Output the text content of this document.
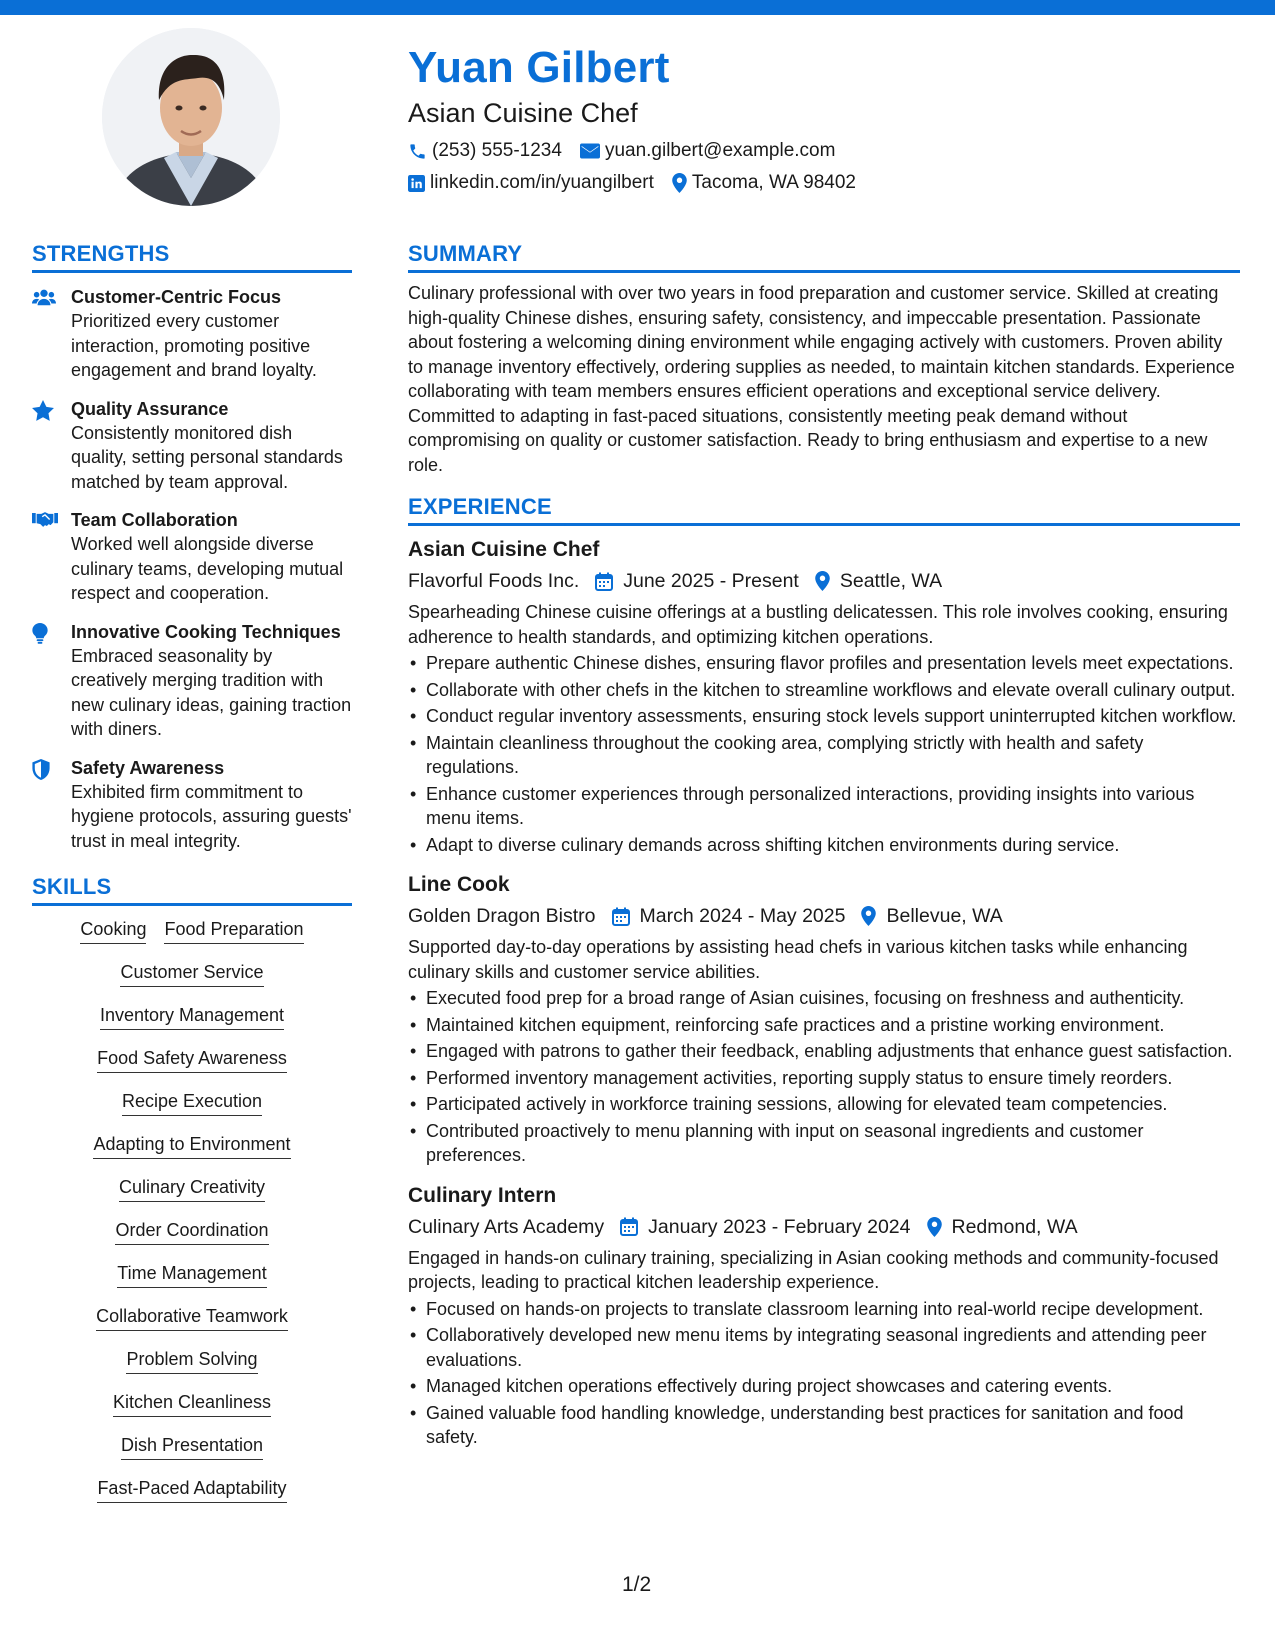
Yuan Gilbert
Asian Cuisine Chef
(253) 555-1234 yuan.gilbert@example.com
linkedin.com/in/yuangilbert Tacoma, WA 98402
STRENGTHS
Customer-Centric Focus
Prioritized every customer interaction, promoting positive engagement and brand loyalty.
Quality Assurance
Consistently monitored dish quality, setting personal standards matched by team approval.
Team Collaboration
Worked well alongside diverse culinary teams, developing mutual respect and cooperation.
Innovative Cooking Techniques
Embraced seasonality by creatively merging tradition with new culinary ideas, gaining traction with diners.
Safety Awareness
Exhibited firm commitment to hygiene protocols, assuring guests' trust in meal integrity.
SKILLS
Cooking Food Preparation
Customer Service
Inventory Management
Food Safety Awareness
Recipe Execution
Adapting to Environment
Culinary Creativity
Order Coordination
Time Management
Collaborative Teamwork
Problem Solving
Kitchen Cleanliness
Dish Presentation
Fast-Paced Adaptability
SUMMARY
Culinary professional with over two years in food preparation and customer service. Skilled at creating high-quality Chinese dishes, ensuring safety, consistency, and impeccable presentation. Passionate about fostering a welcoming dining environment while engaging actively with customers. Proven ability to manage inventory effectively, ordering supplies as needed, to maintain kitchen standards. Experience collaborating with team members ensures efficient operations and exceptional service delivery. Committed to adapting in fast-paced situations, consistently meeting peak demand without compromising on quality or customer satisfaction. Ready to bring enthusiasm and expertise to a new role.
EXPERIENCE
Asian Cuisine Chef
Flavorful Foods Inc. June 2025 - Present Seattle, WA
Spearheading Chinese cuisine offerings at a bustling delicatessen. This role involves cooking, ensuring adherence to health standards, and optimizing kitchen operations.
• Prepare authentic Chinese dishes, ensuring flavor profiles and presentation levels meet expectations.
• Collaborate with other chefs in the kitchen to streamline workflows and elevate overall culinary output.
• Conduct regular inventory assessments, ensuring stock levels support uninterrupted kitchen workflow.
• Maintain cleanliness throughout the cooking area, complying strictly with health and safety regulations.
• Enhance customer experiences through personalized interactions, providing insights into various menu items.
• Adapt to diverse culinary demands across shifting kitchen environments during service.
Line Cook
Golden Dragon Bistro March 2024 - May 2025 Bellevue, WA
Supported day-to-day operations by assisting head chefs in various kitchen tasks while enhancing culinary skills and customer service abilities.
• Executed food prep for a broad range of Asian cuisines, focusing on freshness and authenticity.
• Maintained kitchen equipment, reinforcing safe practices and a pristine working environment.
• Engaged with patrons to gather their feedback, enabling adjustments that enhance guest satisfaction.
• Performed inventory management activities, reporting supply status to ensure timely reorders.
• Participated actively in workforce training sessions, allowing for elevated team competencies.
• Contributed proactively to menu planning with input on seasonal ingredients and customer preferences.
Culinary Intern
Culinary Arts Academy January 2023 - February 2024 Redmond, WA
Engaged in hands-on culinary training, specializing in Asian cooking methods and community-focused projects, leading to practical kitchen leadership experience.
• Focused on hands-on projects to translate classroom learning into real-world recipe development.
• Collaboratively developed new menu items by integrating seasonal ingredients and attending peer evaluations.
• Managed kitchen operations effectively during project showcases and catering events.
• Gained valuable food handling knowledge, understanding best practices for sanitation and food safety.
1/2
